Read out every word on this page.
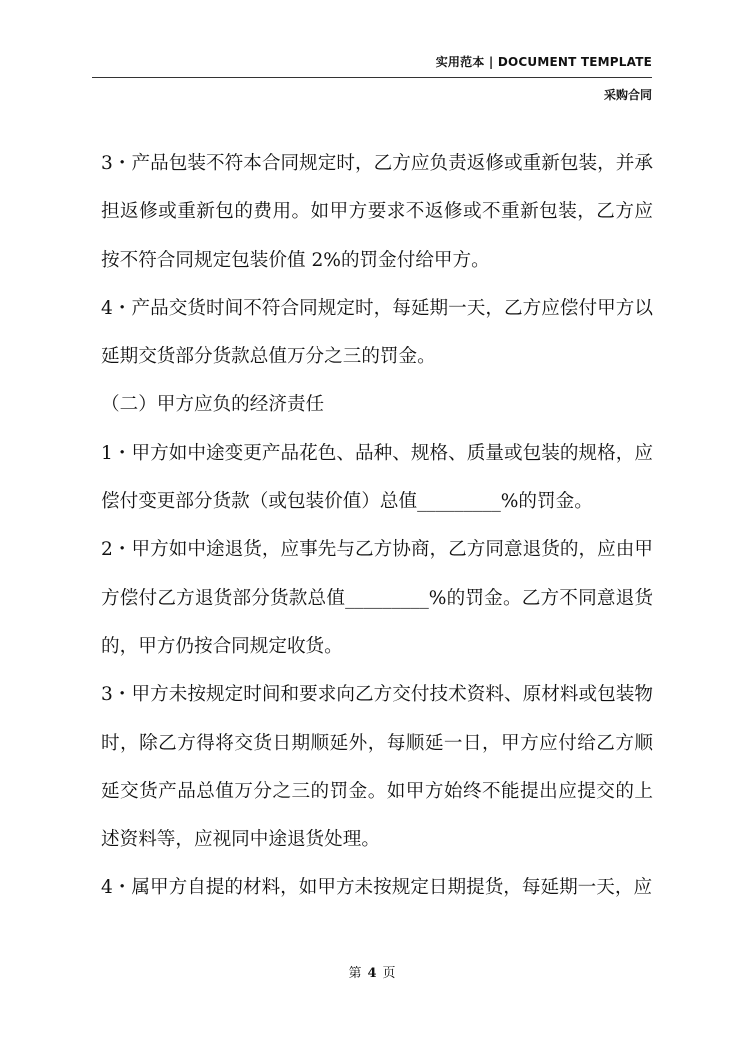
实用范本 | DOCUMENT TEMPLATE
采购合同

3・产品包装不符本合同规定时，乙方应负责返修或重新包装，并承担返修或重新包的费用。如甲方要求不返修或不重新包装，乙方应按不符合同规定包装价值 2%的罚金付给甲方。

4・产品交货时间不符合同规定时，每延期一天，乙方应偿付甲方以延期交货部分货款总值万分之三的罚金。

（二）甲方应负的经济责任

1・甲方如中途变更产品花色、品种、规格、质量或包装的规格，应偿付变更部分货款（或包装价值）总值_________%的罚金。

2・甲方如中途退货，应事先与乙方协商，乙方同意退货的，应由甲方偿付乙方退货部分货款总值_________%的罚金。乙方不同意退货的，甲方仍按合同规定收货。

3・甲方未按规定时间和要求向乙方交付技术资料、原材料或包装物时，除乙方得将交货日期顺延外，每顺延一日，甲方应付给乙方顺延交货产品总值万分之三的罚金。如甲方始终不能提出应提交的上述资料等，应视同中途退货处理。

4・属甲方自提的材料，如甲方未按规定日期提货，每延期一天，应

第 4 页
